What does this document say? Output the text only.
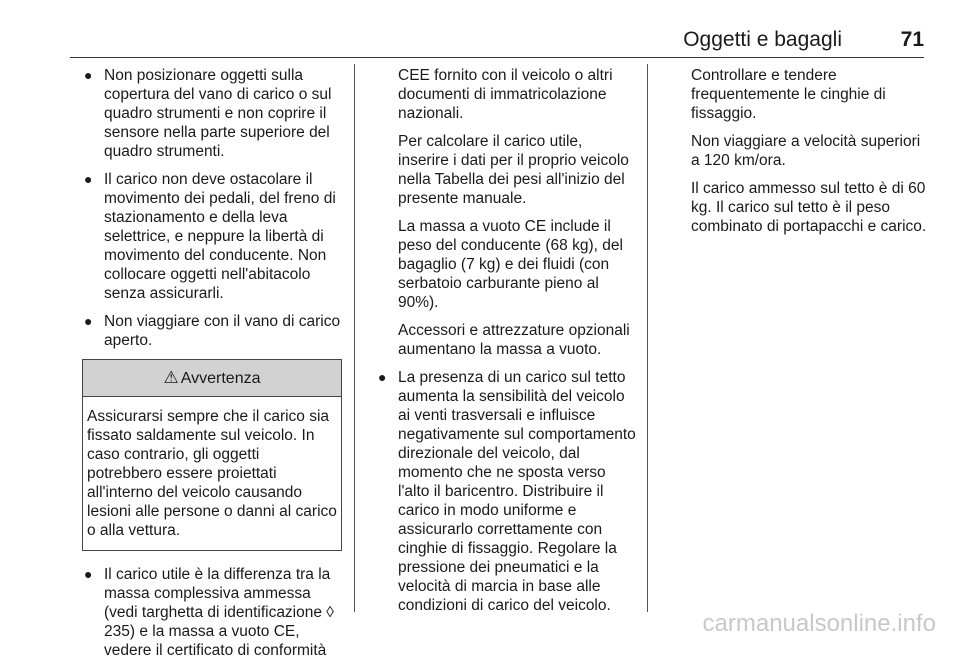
Oggetti e bagagli	71
● Non posizionare oggetti sulla copertura del vano di carico o sul quadro strumenti e non coprire il sensore nella parte superiore del quadro strumenti.
● Il carico non deve ostacolare il movimento dei pedali, del freno di stazionamento e della leva selettrice, e neppure la libertà di movimento del conducente. Non collocare oggetti nell'abitacolo senza assicurarli.
● Non viaggiare con il vano di carico aperto.
⚠ Avvertenza
Assicurarsi sempre che il carico sia fissato saldamente sul veicolo. In caso contrario, gli oggetti potrebbero essere proiettati all'interno del veicolo causando lesioni alle persone o danni al carico o alla vettura.
● Il carico utile è la differenza tra la massa complessiva ammessa (vedi targhetta di identificazione ◊ 235) e la massa a vuoto CE, vedere il certificato di conformità
CEE fornito con il veicolo o altri documenti di immatricolazione nazionali.
Per calcolare il carico utile, inserire i dati per il proprio veicolo nella Tabella dei pesi all'inizio del presente manuale.
La massa a vuoto CE include il peso del conducente (68 kg), del bagaglio (7 kg) e dei fluidi (con serbatoio carburante pieno al 90%).
Accessori e attrezzature opzionali aumentano la massa a vuoto.
● La presenza di un carico sul tetto aumenta la sensibilità del veicolo ai venti trasversali e influisce negativamente sul comportamento direzionale del veicolo, dal momento che ne sposta verso l'alto il baricentro. Distribuire il carico in modo uniforme e assicurarlo correttamente con cinghie di fissaggio. Regolare la pressione dei pneumatici e la velocità di marcia in base alle condizioni di carico del veicolo.
Controllare e tendere frequentemente le cinghie di fissaggio.
Non viaggiare a velocità superiori a 120 km/ora.
Il carico ammesso sul tetto è di 60 kg. Il carico sul tetto è il peso combinato di portapacchi e carico.
carmanualsonline.info
